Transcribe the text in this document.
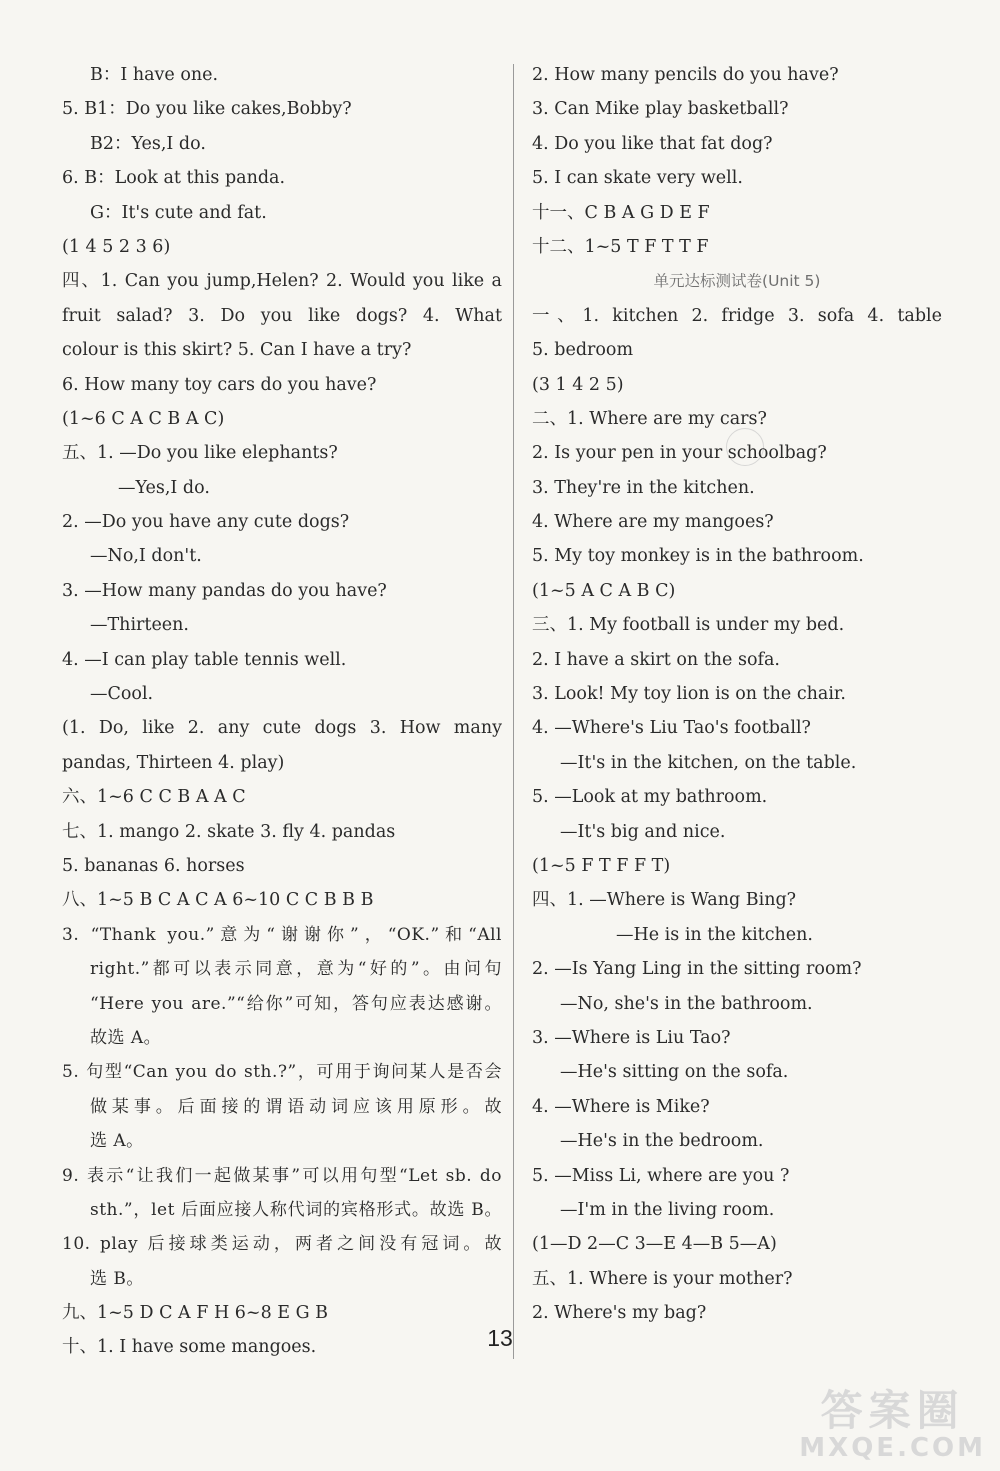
B：I have one.
5. B1：Do you like cakes,Bobby?
B2：Yes,I do.
6. B：Look at this panda.
G：It's cute and fat.
(1 4 5 2 3 6)
四、1. Can you jump,Helen? 2. Would you like a
fruit salad? 3. Do you like dogs? 4. What
colour is this skirt? 5. Can I have a try?
6. How many toy cars do you have?
(1~6 C A C B A C)
五、1. —Do you like elephants?
—Yes,I do.
2. —Do you have any cute dogs?
—No,I don't.
3. —How many pandas do you have?
—Thirteen.
4. —I can play table tennis well.
—Cool.
(1. Do, like 2. any cute dogs 3. How many
pandas, Thirteen 4. play)
六、1~6 C C B A A C
七、1. mango 2. skate 3. fly 4. pandas
5. bananas 6. horses
八、1~5 B C A C A 6~10 C C B B B
3. “Thank you.”意为“谢谢你”，“OK.”和“All
right.”都可以表示同意，意为“好的”。由问句
“Here you are.”“给你”可知，答句应表达感谢。
故选 A。
5. 句型“Can you do sth.?”，可用于询问某人是否会
做某事。后面接的谓语动词应该用原形。故
选 A。
9. 表示“让我们一起做某事”可以用句型“Let sb. do
sth.”，let 后面应接人称代词的宾格形式。故选 B。
10. play 后接球类运动，两者之间没有冠词。故
选 B。
九、1~5 D C A F H 6~8 E G B
十、1. I have some mangoes.
2. How many pencils do you have?
3. Can Mike play basketball?
4. Do you like that fat dog?
5. I can skate very well.
十一、C B A G D E F
十二、1~5 T F T T F
单元达标测试卷(Unit 5)
一、1. kitchen 2. fridge 3. sofa 4. table
5. bedroom
(3 1 4 2 5)
二、1. Where are my cars?
2. Is your pen in your schoolbag?
3. They're in the kitchen.
4. Where are my mangoes?
5. My toy monkey is in the bathroom.
(1~5 A C A B C)
三、1. My football is under my bed.
2. I have a skirt on the sofa.
3. Look! My toy lion is on the chair.
4. —Where's Liu Tao's football?
—It's in the kitchen, on the table.
5. —Look at my bathroom.
—It's big and nice.
(1~5 F T F F T)
四、1. —Where is Wang Bing?
—He is in the kitchen.
2. —Is Yang Ling in the sitting room?
—No, she's in the bathroom.
3. —Where is Liu Tao?
—He's sitting on the sofa.
4. —Where is Mike?
—He's in the bedroom.
5. —Miss Li, where are you ?
—I'm in the living room.
(1—D 2—C 3—E 4—B 5—A)
五、1. Where is your mother?
2. Where's my bag?
13
答案圈
MXQE.COM
